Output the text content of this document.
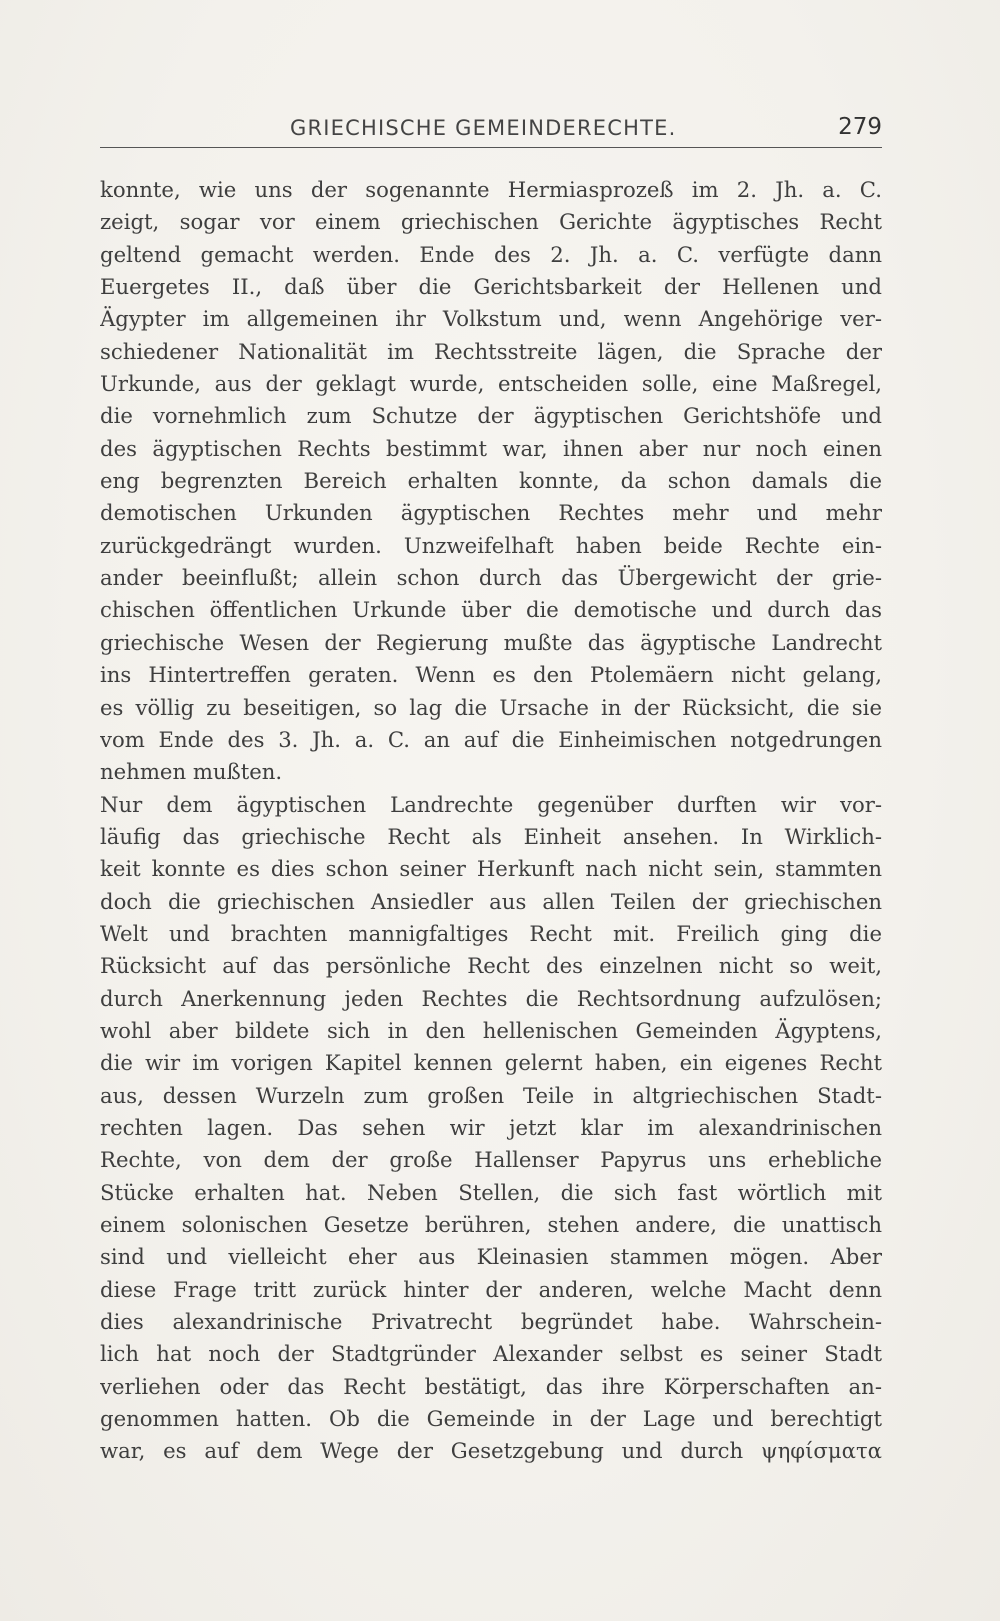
GRIECHISCHE GEMEINDERECHTE.	279
konnte, wie uns der sogenannte Hermiasprozeß im 2. Jh. a. C.
zeigt, sogar vor einem griechischen Gerichte ägyptisches Recht
geltend gemacht werden. Ende des 2. Jh. a. C. verfügte dann
Euergetes II., daß über die Gerichtsbarkeit der Hellenen und
Ägypter im allgemeinen ihr Volkstum und, wenn Angehörige ver-
schiedener Nationalität im Rechtsstreite lägen, die Sprache der
Urkunde, aus der geklagt wurde, entscheiden solle, eine Maßregel,
die vornehmlich zum Schutze der ägyptischen Gerichtshöfe und
des ägyptischen Rechts bestimmt war, ihnen aber nur noch einen
eng begrenzten Bereich erhalten konnte, da schon damals die
demotischen Urkunden ägyptischen Rechtes mehr und mehr
zurückgedrängt wurden. Unzweifelhaft haben beide Rechte ein-
ander beeinflußt; allein schon durch das Übergewicht der grie-
chischen öffentlichen Urkunde über die demotische und durch das
griechische Wesen der Regierung mußte das ägyptische Landrecht
ins Hintertreffen geraten. Wenn es den Ptolemäern nicht gelang,
es völlig zu beseitigen, so lag die Ursache in der Rücksicht, die sie
vom Ende des 3. Jh. a. C. an auf die Einheimischen notgedrungen
nehmen mußten.
Nur dem ägyptischen Landrechte gegenüber durften wir vor-
läufig das griechische Recht als Einheit ansehen. In Wirklich-
keit konnte es dies schon seiner Herkunft nach nicht sein, stammten
doch die griechischen Ansiedler aus allen Teilen der griechischen
Welt und brachten mannigfaltiges Recht mit. Freilich ging die
Rücksicht auf das persönliche Recht des einzelnen nicht so weit,
durch Anerkennung jeden Rechtes die Rechtsordnung aufzulösen;
wohl aber bildete sich in den hellenischen Gemeinden Ägyptens,
die wir im vorigen Kapitel kennen gelernt haben, ein eigenes Recht
aus, dessen Wurzeln zum großen Teile in altgriechischen Stadt-
rechten lagen. Das sehen wir jetzt klar im alexandrinischen
Rechte, von dem der große Hallenser Papyrus uns erhebliche
Stücke erhalten hat. Neben Stellen, die sich fast wörtlich mit
einem solonischen Gesetze berühren, stehen andere, die unattisch
sind und vielleicht eher aus Kleinasien stammen mögen. Aber
diese Frage tritt zurück hinter der anderen, welche Macht denn
dies alexandrinische Privatrecht begründet habe. Wahrschein-
lich hat noch der Stadtgründer Alexander selbst es seiner Stadt
verliehen oder das Recht bestätigt, das ihre Körperschaften an-
genommen hatten. Ob die Gemeinde in der Lage und berechtigt
war, es auf dem Wege der Gesetzgebung und durch ψηφίσματα
